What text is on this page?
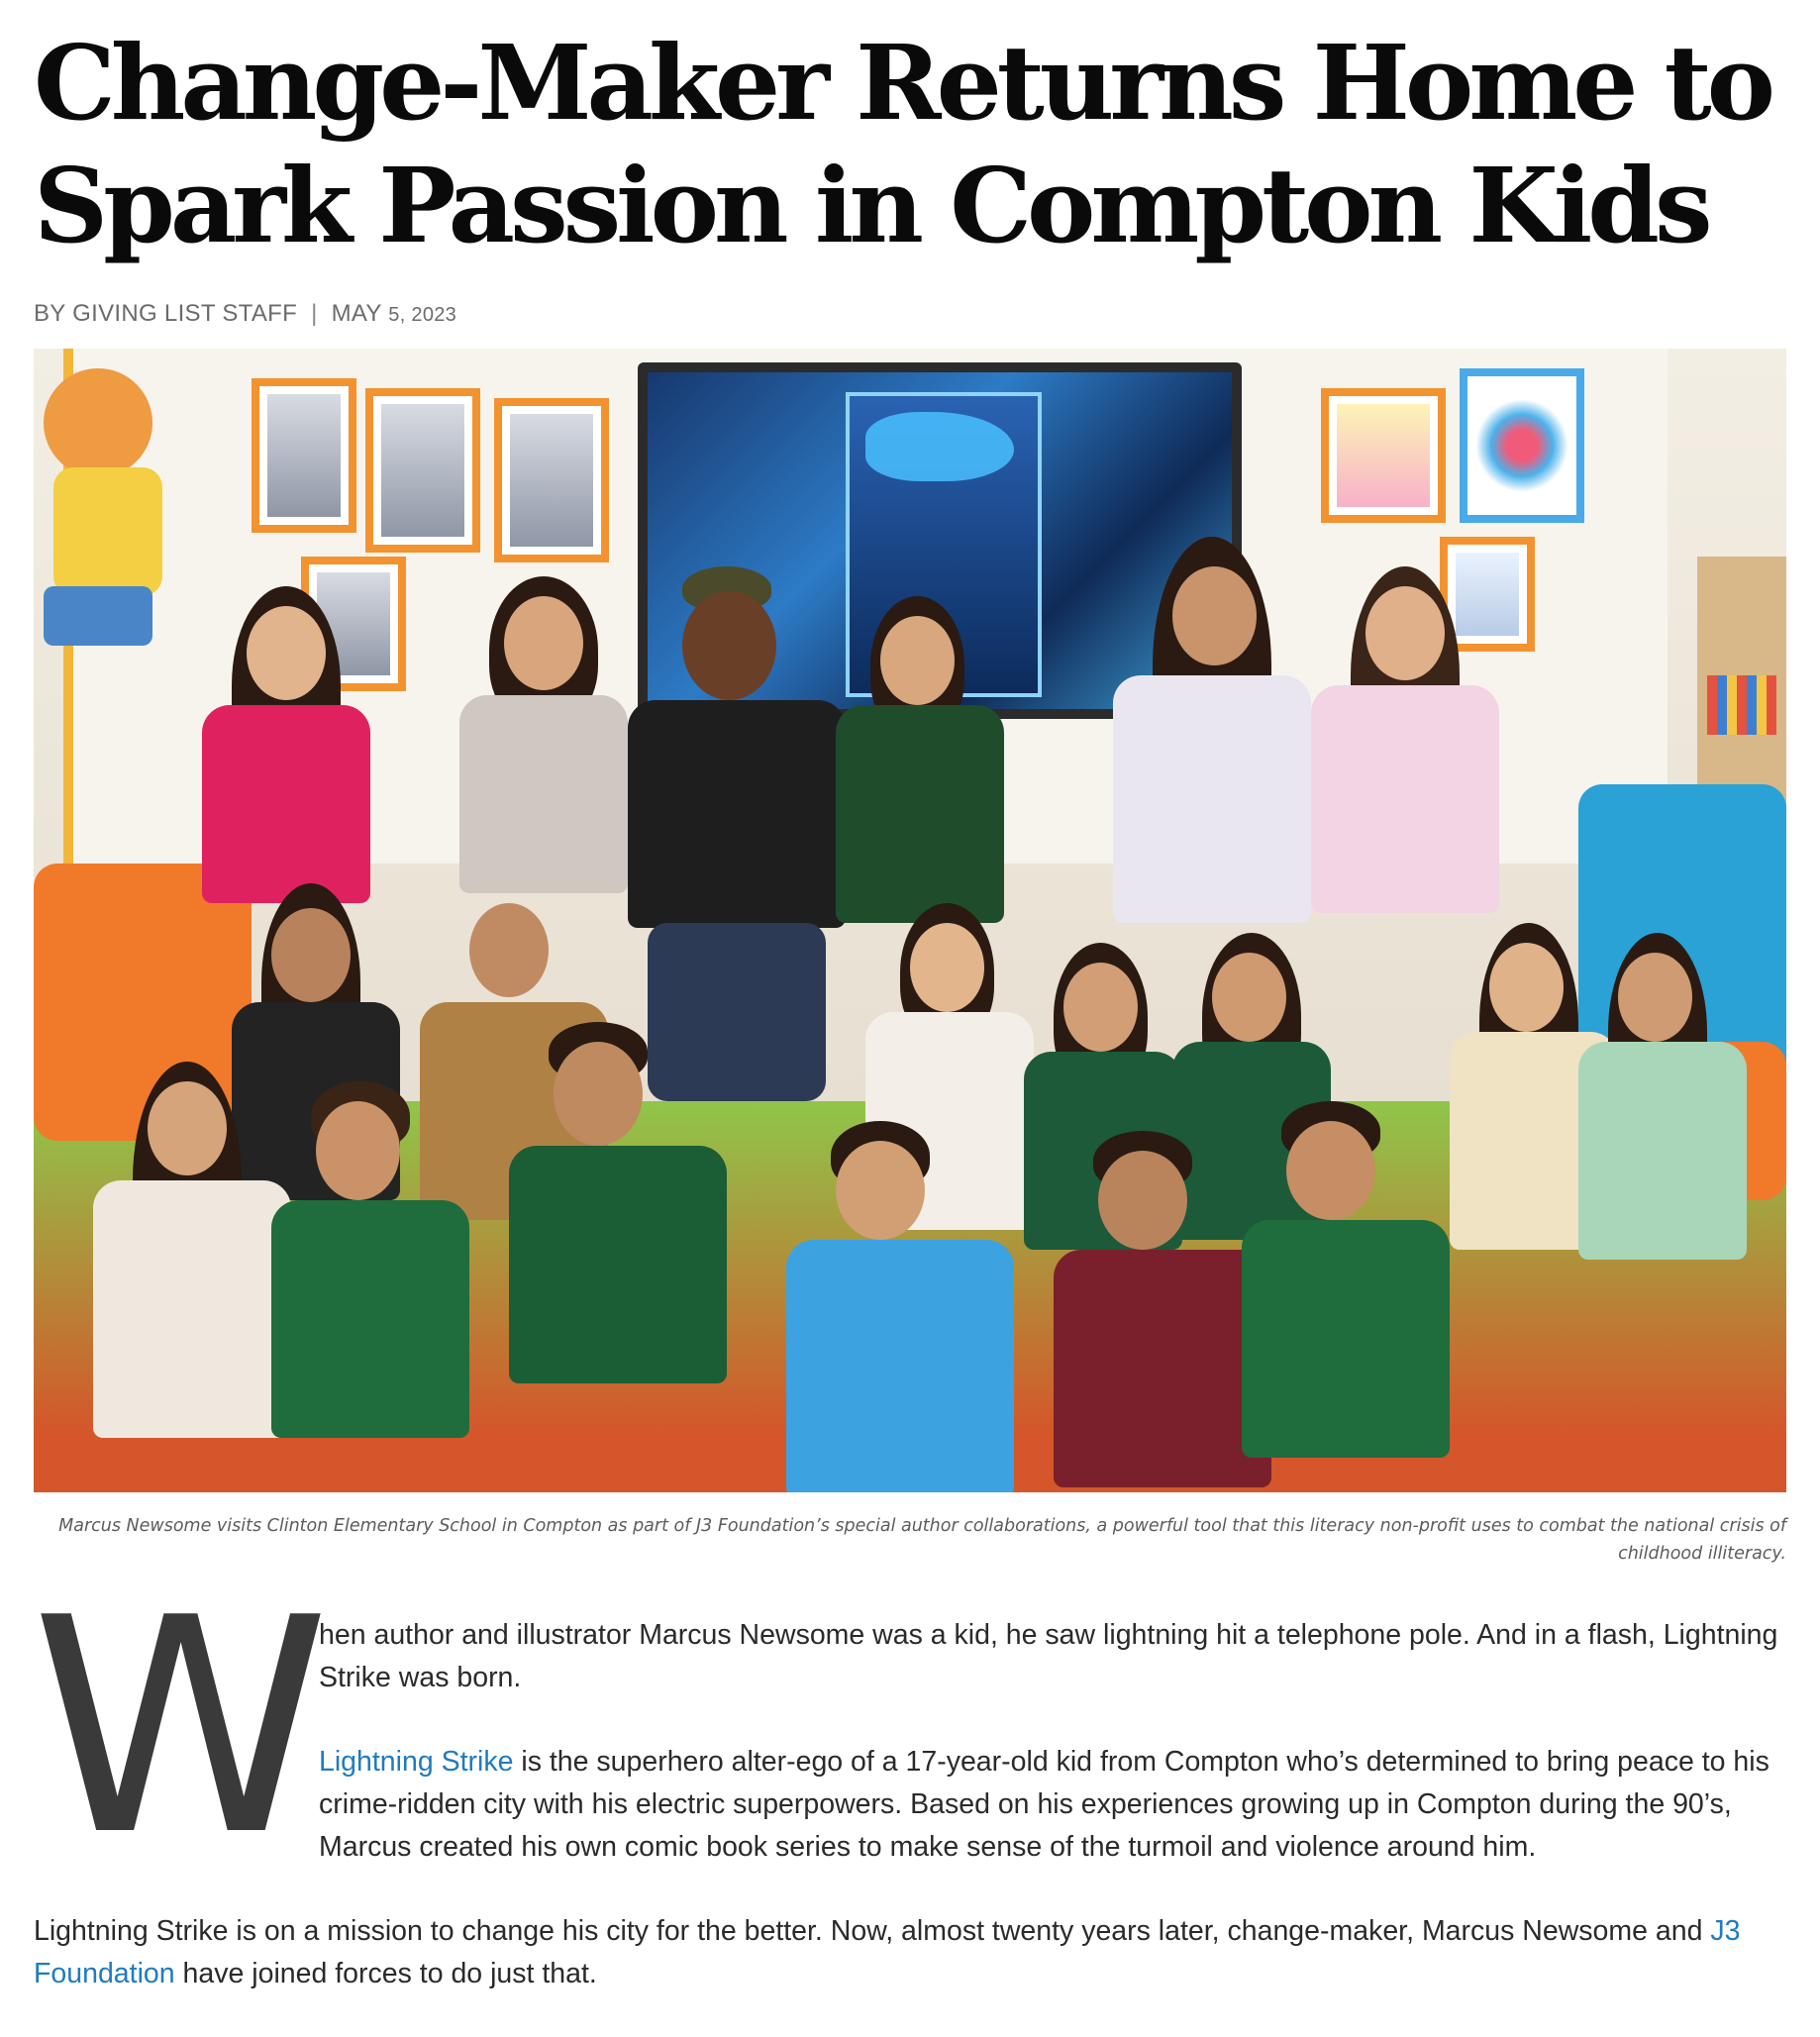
Change-Maker Returns Home to
Spark Passion in Compton Kids
BY GIVING LIST STAFF | MAY 5, 2023
Marcus Newsome visits Clinton Elementary School in Compton as part of J3 Foundation’s special author collaborations, a powerful tool that this literacy non-profit uses to combat the national crisis of childhood illiteracy.
W hen author and illustrator Marcus Newsome was a kid, he saw lightning hit a telephone pole. And in a flash, Lightning Strike was born.

Lightning Strike is the superhero alter-ego of a 17-year-old kid from Compton who’s determined to bring peace to his crime-ridden city with his electric superpowers. Based on his experiences growing up in Compton during the 90’s, Marcus created his own comic book series to make sense of the turmoil and violence around him.

Lightning Strike is on a mission to change his city for the better. Now, almost twenty years later, change-maker, Marcus Newsome and J3 Foundation have joined forces to do just that.
